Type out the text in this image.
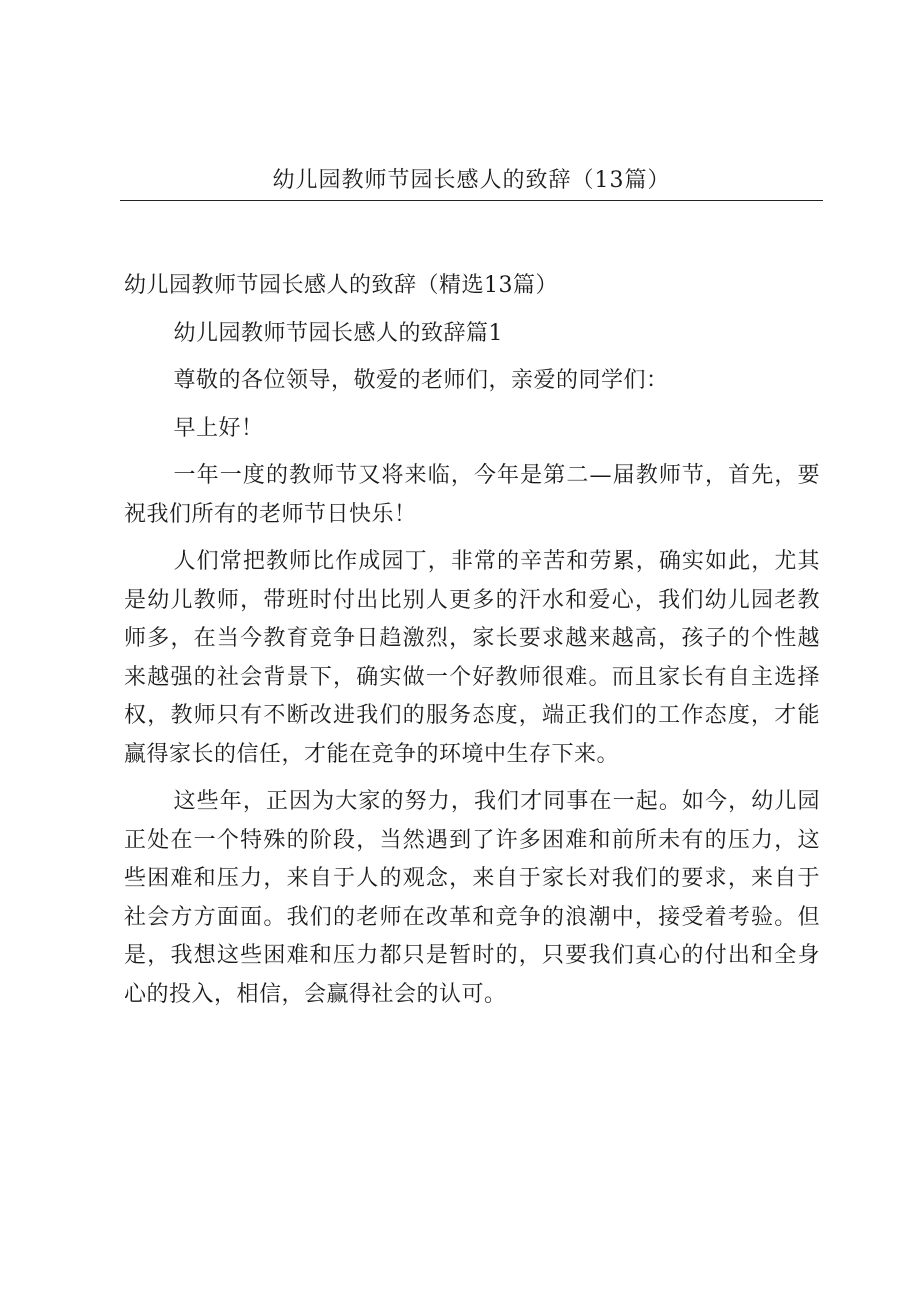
幼儿园教师节园长感人的致辞（13篇）

幼儿园教师节园长感人的致辞（精选13篇）

幼儿园教师节园长感人的致辞篇1

尊敬的各位领导，敬爱的老师们，亲爱的同学们：

早上好！

一年一度的教师节又将来临，今年是第二—届教师节，首先，要祝我们所有的老师节日快乐！

人们常把教师比作成园丁，非常的辛苦和劳累，确实如此，尤其是幼儿教师，带班时付出比别人更多的汗水和爱心，我们幼儿园老教师多，在当今教育竞争日趋激烈，家长要求越来越高，孩子的个性越来越强的社会背景下，确实做一个好教师很难。而且家长有自主选择权，教师只有不断改进我们的服务态度，端正我们的工作态度，才能赢得家长的信任，才能在竞争的环境中生存下来。

这些年，正因为大家的努力，我们才同事在一起。如今，幼儿园正处在一个特殊的阶段，当然遇到了许多困难和前所未有的压力，这些困难和压力，来自于人的观念，来自于家长对我们的要求，来自于社会方方面面。我们的老师在改革和竞争的浪潮中，接受着考验。但是，我想这些困难和压力都只是暂时的，只要我们真心的付出和全身心的投入，相信，会赢得社会的认可。
